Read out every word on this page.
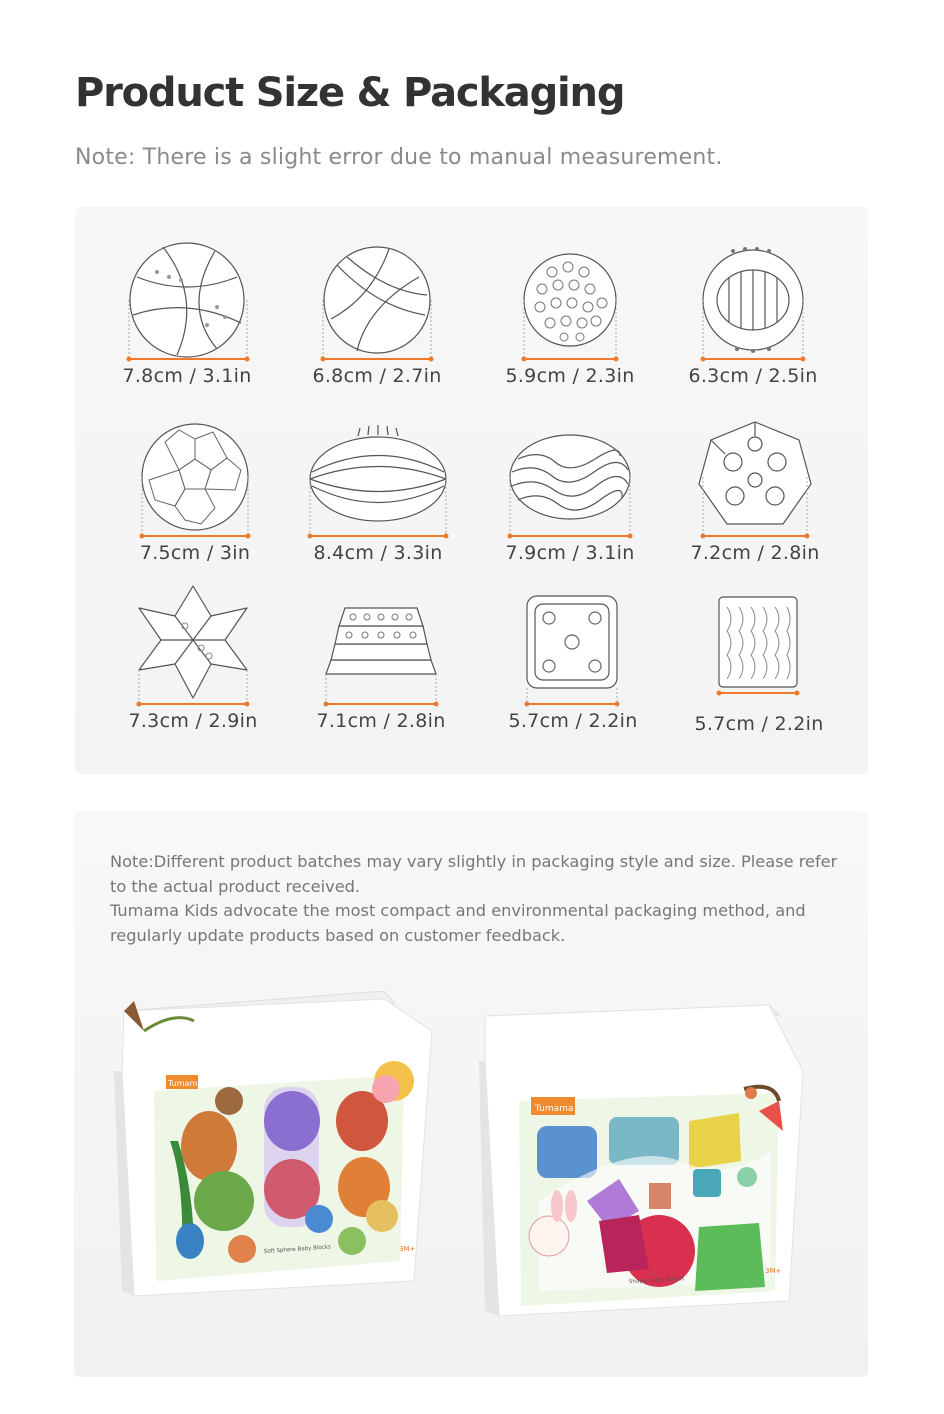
Product Size & Packaging
Note: There is a slight error due to manual measurement.
7.8cm / 3.1in	6.8cm / 2.7in	5.9cm / 2.3in	6.3cm / 2.5in
7.5cm / 3in	8.4cm / 3.3in	7.9cm / 3.1in	7.2cm / 2.8in
7.3cm / 2.9in	7.1cm / 2.8in	5.7cm / 2.2in	5.7cm / 2.2in

Note:Different product batches may vary slightly in packaging style and size. Please refer to the actual product received.

Tumama Kids advocate the most compact and environmental packaging method, and regularly update products based on customer feedback.

Tumama
Soft Sphere Baby Blocks	3M+
Tumama
Shapes Baby Blocks
3M+
